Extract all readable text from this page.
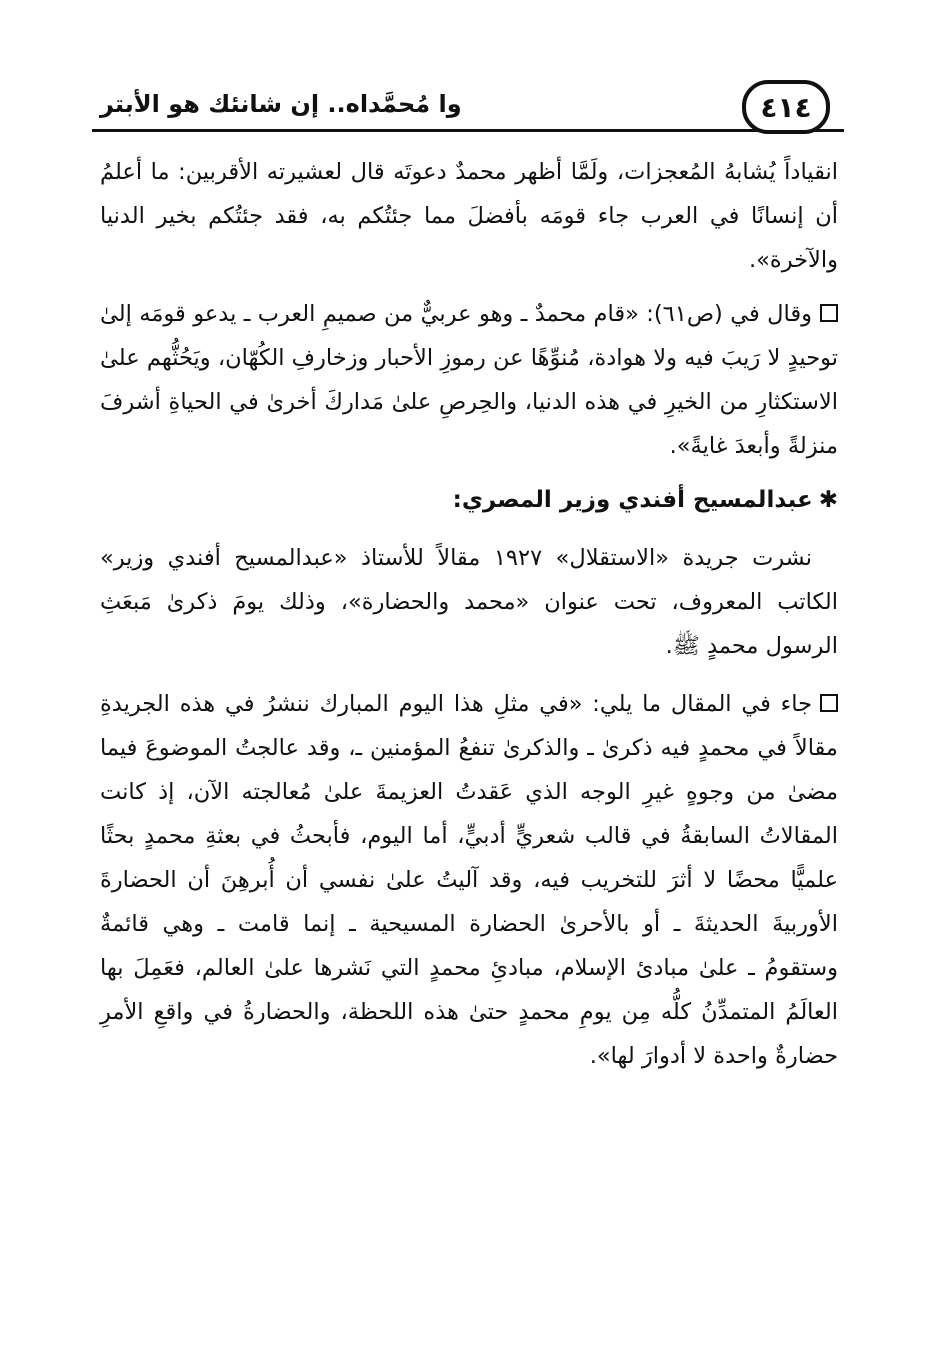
٤١٤
وا مُحمَّداه.. إن شانئك هو الأبتر

انقياداً يُشابهُ المُعجزات، ولَمَّا أظهر محمدٌ دعوتَه قال لعشيرته الأقربين: ما أعلمُ أن إنسانًا في العرب جاء قومَه بأفضلَ مما جئتُكم به، فقد جئتُكم بخير الدنيا والآخرة».

وقال في (ص٦١): «قام محمدٌ ـ وهو عربيٌّ من صميمِ العرب ـ يدعو قومَه إلىٰ توحيدٍ لا رَيبَ فيه ولا هوادة، مُنوِّهًا عن رموزِ الأحبار وزخارفِ الكُهّان، ويَحُثُّهم علىٰ الاستكثارِ من الخيرِ في هذه الدنيا، والحِرصِ علىٰ مَداركَ أخرىٰ في الحياةِ أشرفَ منزلةً وأبعدَ غايةً».

✱عبدالمسيح أفندي وزير المصري:

نشرت جريدة «الاستقلال» ١٩٢٧ مقالاً للأستاذ «عبدالمسيح أفندي وزير» الكاتب المعروف، تحت عنوان «محمد والحضارة»، وذلك يومَ ذكرىٰ مَبعَثِ الرسول محمدٍ ﷺ.

جاء في المقال ما يلي: «في مثلِ هذا اليوم المبارك ننشرُ في هذه الجريدةِ مقالاً في محمدٍ فيه ذكرىٰ ـ والذكرىٰ تنفعُ المؤمنين ـ، وقد عالجتُ الموضوعَ فيما مضىٰ من وجوهٍ غيرِ الوجه الذي عَقدتُ العزيمةَ علىٰ مُعالجته الآن، إذ كانت المقالاتُ السابقةُ في قالب شعريٍّ أدبيٍّ، أما اليوم، فأبحثُ في بعثةِ محمدٍ بحثًا علميًّا محضًا لا أثرَ للتخريب فيه، وقد آليتُ علىٰ نفسي أن أُبرهِنَ أن الحضارةَ الأوربيةَ الحديثةَ ـ أو بالأحرىٰ الحضارة المسيحية ـ إنما قامت ـ وهي قائمةٌ وستقومُ ـ علىٰ مبادئ الإسلام، مبادئِ محمدٍ التي نَشرها علىٰ العالم، فعَمِلَ بها العالَمُ المتمدِّنُ كلُّه مِن يومِ محمدٍ حتىٰ هذه اللحظة، والحضارةُ في واقعِ الأمرِ حضارةٌ واحدة لا أدوارَ لها».
